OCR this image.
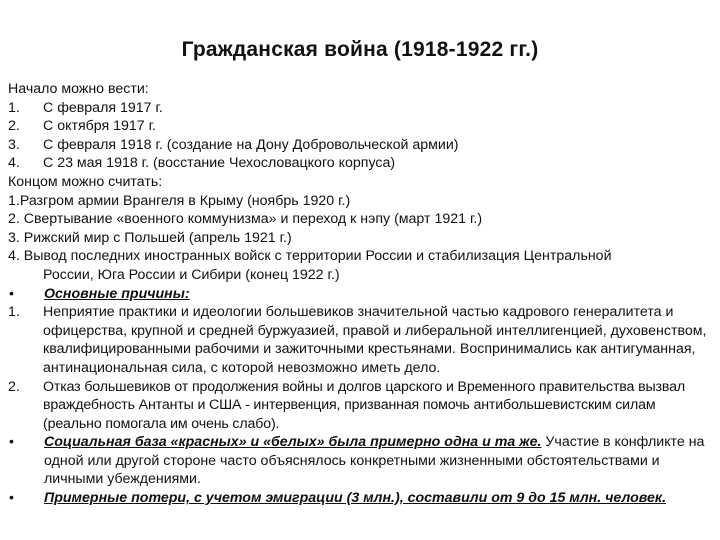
Гражданская война (1918-1922 гг.)
Начало можно вести:
1.	С февраля 1917 г.
2.	С октября 1917 г.
3.	С февраля 1918 г. (создание на Дону Добровольческой армии)
4.	С 23 мая 1918 г. (восстание Чехословацкого корпуса)
Концом можно считать:
1.Разгром армии Врангеля в Крыму (ноябрь 1920 г.)
2. Свертывание «военного коммунизма» и переход к нэпу (март 1921 г.)
3. Рижский мир с Польшей (апрель 1921 г.)
4. Вывод последних иностранных войск с территории России и стабилизация Центральной
России, Юга России и Сибири (конец 1922 г.)
•	Основные причины:
1.	Неприятие практики и идеологии большевиков значительной частью кадрового генералитета и офицерства, крупной и средней буржуазией, правой и либеральной интеллигенцией, духовенством, квалифицированными рабочими и зажиточными крестьянами. Воспринимались как антигуманная, антинациональная сила, с которой невозможно иметь дело.
2.	Отказ большевиков от продолжения войны и долгов царского и Временного правительства вызвал враждебность Антанты и США - интервенция, призванная помочь антибольшевистским силам (реально помогала им очень слабо).
•	Социальная база «красных» и «белых» была примерно одна и та же. Участие в конфликте на одной или другой стороне часто объяснялось конкретными жизненными обстоятельствами и личными убеждениями.
•	Примерные потери, с учетом эмиграции (3 млн.), составили от 9 до 15 млн. человек.
